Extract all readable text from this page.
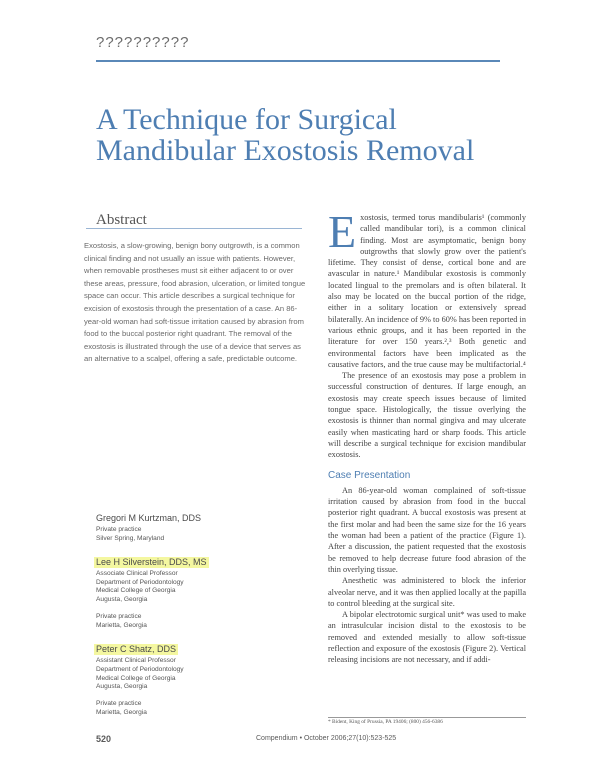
??????????
A Technique for Surgical Mandibular Exostosis Removal
Abstract
Exostosis, a slow-growing, benign bony outgrowth, is a common clinical finding and not usually an issue with patients. However, when removable prostheses must sit either adjacent to or over these areas, pressure, food abrasion, ulceration, or limited tongue space can occur. This article describes a surgical technique for excision of exostosis through the presentation of a case. An 86-year-old woman had soft-tissue irritation caused by abrasion from food to the buccal posterior right quadrant. The removal of the exostosis is illustrated through the use of a device that serves as an alternative to a scalpel, offering a safe, predictable outcome.
Gregori M Kurtzman, DDS
Private practice
Silver Spring, Maryland
Lee H Silverstein, DDS, MS
Associate Clinical Professor
Department of Periodontology
Medical College of Georgia
Augusta, Georgia

Private practice
Marietta, Georgia
Peter C Shatz, DDS
Assistant Clinical Professor
Department of Periodontology
Medical College of Georgia
Augusta, Georgia

Private practice
Marietta, Georgia

Exostosis, termed torus mandibularis¹ (commonly called mandibular tori), is a common clinical finding. Most are asymptomatic, benign bony outgrowths that slowly grow over the patient's lifetime. They consist of dense, cortical bone and are avascular in nature.¹ Mandibular exostosis is commonly located lingual to the premolars and is often bilateral. It also may be located on the buccal portion of the ridge, either in a solitary location or extensively spread bilaterally. An incidence of 9% to 60% has been reported in various ethnic groups, and it has been reported in the literature for over 150 years.²,³ Both genetic and environmental factors have been implicated as the causative factors, and the true cause may be multifactorial.⁴

The presence of an exostosis may pose a problem in successful construction of dentures. If large enough, an exostosis may create speech issues because of limited tongue space. Histologically, the tissue overlying the exostosis is thinner than normal gingiva and may ulcerate easily when masticating hard or sharp foods. This article will describe a surgical technique for excision mandibular exostosis.

Case Presentation

An 86-year-old woman complained of soft-tissue irritation caused by abrasion from food in the buccal posterior right quadrant. A buccal exostosis was present at the first molar and had been the same size for the 16 years the woman had been a patient of the practice (Figure 1). After a discussion, the patient requested that the exostosis be removed to help decrease future food abrasion of the thin overlying tissue.

Anesthetic was administered to block the inferior alveolar nerve, and it was then applied locally at the papilla to control bleeding at the surgical site.

A bipolar electrotomic surgical unit* was used to make an intrasulcular incision distal to the exostosis to be removed and extended mesially to allow soft-tissue reflection and exposure of the exostosis (Figure 2). Vertical releasing incisions are not necessary, and if addi-

* Bident, King of Prussia, PA 19406; (800) 456-6386
520	Compendium • October 2006;27(10):523-525
